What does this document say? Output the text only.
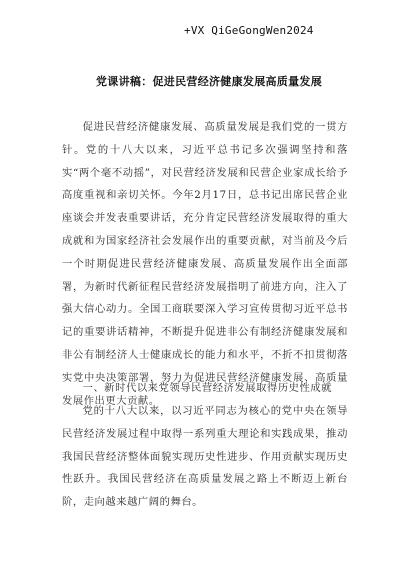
+VX QiGeGongWen2024
党课讲稿：促进民营经济健康发展高质量发展

促进民营经济健康发展、高质量发展是我们党的一贯方针。党的十八大以来，习近平总书记多次强调坚持和落实“两个毫不动摇”，对民营经济发展和民营企业家成长给予高度重视和亲切关怀。今年2月17日，总书记出席民营企业座谈会并发表重要讲话，充分肯定民营经济发展取得的重大成就和为国家经济社会发展作出的重要贡献，对当前及今后一个时期促进民营经济健康发展、高质量发展作出全面部署，为新时代新征程民营经济发展指明了前进方向，注入了强大信心动力。全国工商联要深入学习宣传贯彻习近平总书记的重要讲话精神，不断提升促进非公有制经济健康发展和非公有制经济人士健康成长的能力和水平，不折不扣贯彻落实党中央决策部署，努力为促进民营经济健康发展、高质量发展作出更大贡献。

一、新时代以来党领导民营经济发展取得历史性成就

党的十八大以来，以习近平同志为核心的党中央在领导民营经济发展过程中取得一系列重大理论和实践成果，推动我国民营经济整体面貌实现历史性进步、作用贡献实现历史性跃升。我国民营经济在高质量发展之路上不断迈上新台阶，走向越来越广阔的舞台。
